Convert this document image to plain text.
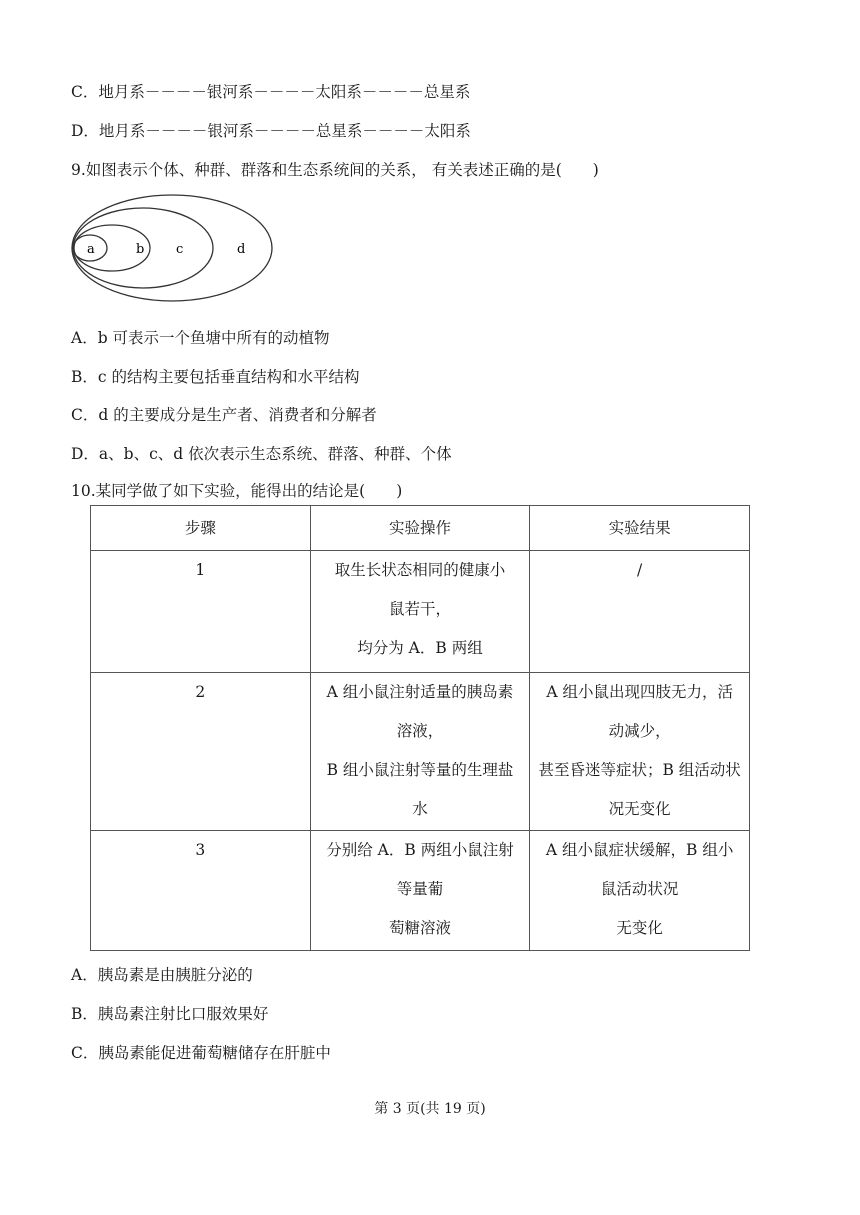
C．地月系－－－－银河系－－－－太阳系－－－－总星系
D．地月系－－－－银河系－－－－总星系－－－－太阳系
9.如图表示个体、种群、群落和生态系统间的关系， 有关表述正确的是(　　)
a	b c	d
A．b 可表示一个鱼塘中所有的动植物
B．c 的结构主要包括垂直结构和水平结构
C．d 的主要成分是生产者、消费者和分解者
D．a、b、c、d 依次表示生态系统、群落、种群、个体
10.某同学做了如下实验，能得出的结论是(　　)
步骤	实验操作	实验结果
1	取生长状态相同的健康小
鼠若干，
均分为 A．B 两组	/

2	A 组小鼠注射适量的胰岛素
溶液，
B 组小鼠注射等量的生理盐
水	A 组小鼠出现四肢无力，活
动减少，
甚至昏迷等症状；B 组活动状
况无变化

3	分别给 A．B 两组小鼠注射
等量葡
萄糖溶液	A 组小鼠症状缓解，B 组小
鼠活动状况
无变化
A．胰岛素是由胰脏分泌的
B．胰岛素注射比口服效果好
C．胰岛素能促进葡萄糖储存在肝脏中
第 3 页(共 19 页)
